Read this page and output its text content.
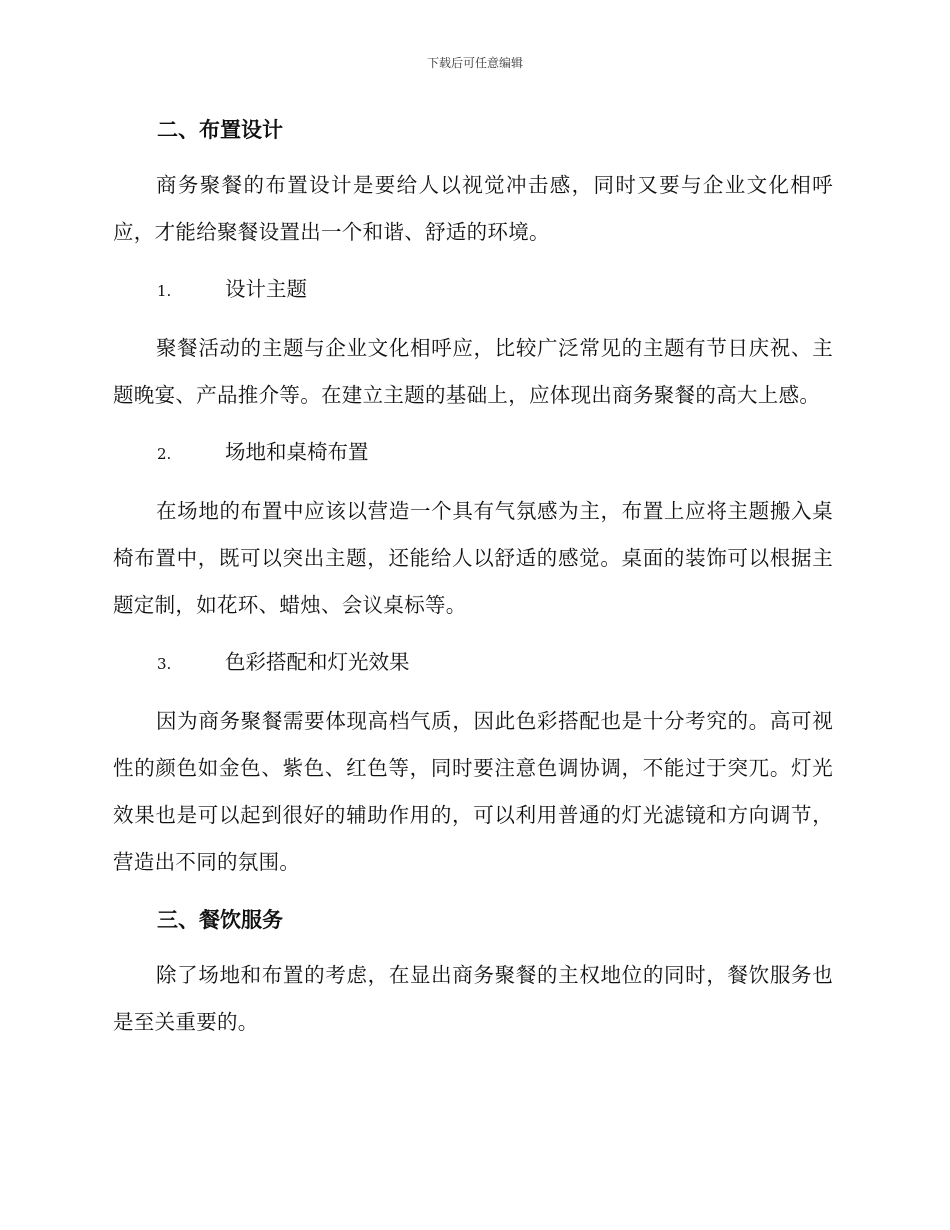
下载后可任意编辑
二、布置设计

商务聚餐的布置设计是要给人以视觉冲击感，同时又要与企业文化相呼应，才能给聚餐设置出一个和谐、舒适的环境。

1.	设计主题

聚餐活动的主题与企业文化相呼应，比较广泛常见的主题有节日庆祝、主题晚宴、产品推介等。在建立主题的基础上，应体现出商务聚餐的高大上感。

2.	场地和桌椅布置

在场地的布置中应该以营造一个具有气氛感为主，布置上应将主题搬入桌椅布置中，既可以突出主题，还能给人以舒适的感觉。桌面的装饰可以根据主题定制，如花环、蜡烛、会议桌标等。

3.	色彩搭配和灯光效果

因为商务聚餐需要体现高档气质，因此色彩搭配也是十分考究的。高可视性的颜色如金色、紫色、红色等，同时要注意色调协调，不能过于突兀。灯光效果也是可以起到很好的辅助作用的，可以利用普通的灯光滤镜和方向调节，营造出不同的氛围。

三、餐饮服务

除了场地和布置的考虑，在显出商务聚餐的主权地位的同时，餐饮服务也是至关重要的。
